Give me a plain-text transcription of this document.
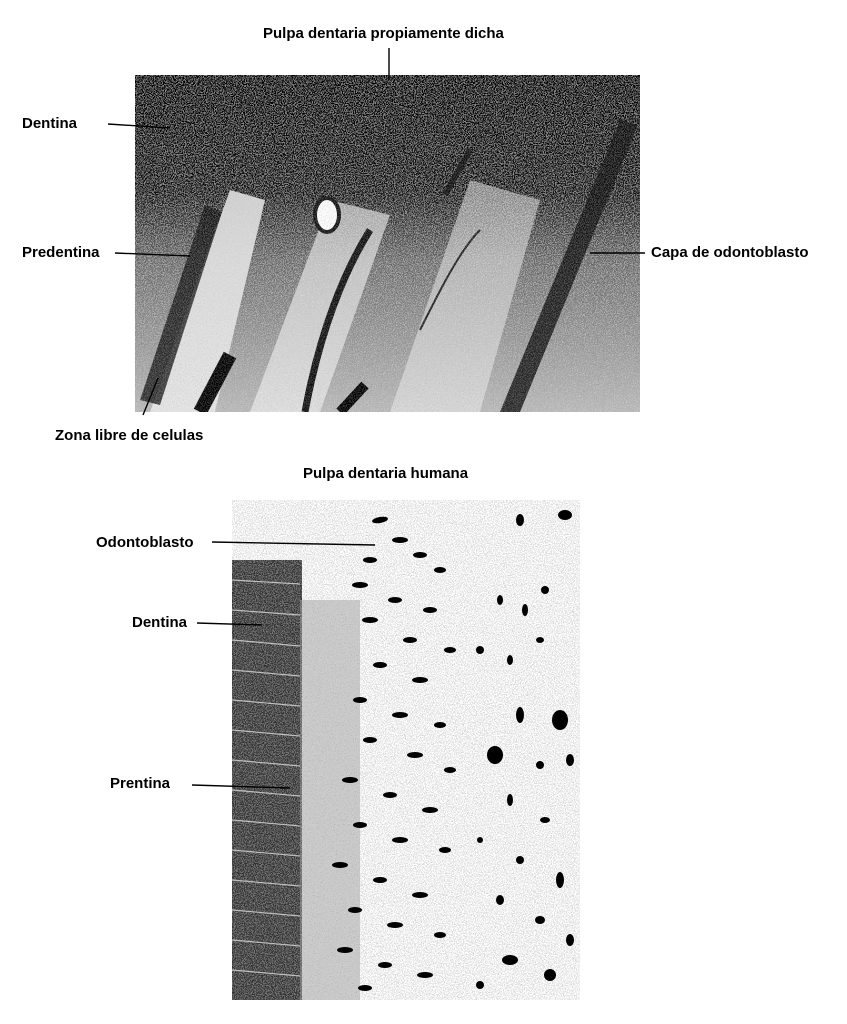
Pulpa dentaria propiamente dicha
Dentina
Predentina	Capa de odontoblasto
Zona libre de celulas
Pulpa dentaria humana
Odontoblasto
Dentina
Prentina
